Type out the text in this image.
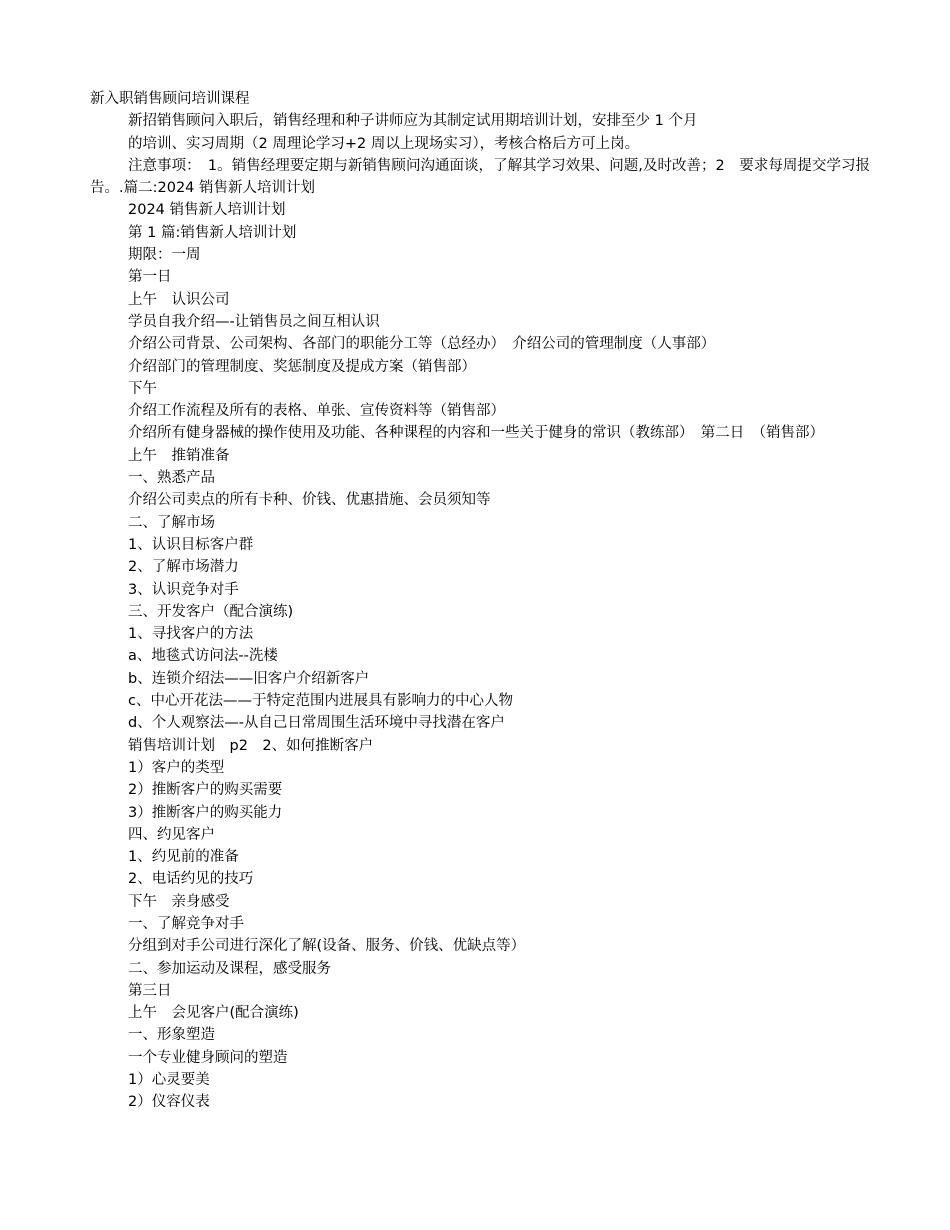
新入职销售顾问培训课程
新招销售顾问入职后，销售经理和种子讲师应为其制定试用期培训计划，安排至少 1 个月
的培训、实习周期（2 周理论学习+2 周以上现场实习），考核合格后方可上岗。
注意事项：　1。销售经理要定期与新销售顾问沟通面谈，了解其学习效果、问题,及时改善；2　要求每周提交学习报告。.篇二:2024 销售新人培训计划
2024 销售新人培训计划
第 1 篇:销售新人培训计划
期限：一周
第一日
上午　认识公司
学员自我介绍—-让销售员之间互相认识
介绍公司背景、公司架构、各部门的职能分工等（总经办）　介绍公司的管理制度（人事部）
介绍部门的管理制度、奖惩制度及提成方案（销售部）
下午
介绍工作流程及所有的表格、单张、宣传资料等（销售部）
介绍所有健身器械的操作使用及功能、各种课程的内容和一些关于健身的常识（教练部）　第二日　（销售部）
上午　推销准备
一、熟悉产品
介绍公司卖点的所有卡种、价钱、优惠措施、会员须知等
二、了解市场
1、认识目标客户群
2、了解市场潜力
3、认识竞争对手
三、开发客户（配合演练)
1、寻找客户的方法
a、地毯式访问法--洗楼
b、连锁介绍法——旧客户介绍新客户
c、中心开花法——于特定范围内进展具有影响力的中心人物
d、个人观察法—-从自己日常周围生活环境中寻找潜在客户
销售培训计划　p2　2、如何推断客户
1）客户的类型
2）推断客户的购买需要
3）推断客户的购买能力
四、约见客户
1、约见前的准备
2、电话约见的技巧
下午　亲身感受
一、了解竞争对手
分组到对手公司进行深化了解(设备、服务、价钱、优缺点等）
二、参加运动及课程，感受服务
第三日
上午　会见客户(配合演练)
一、形象塑造
一个专业健身顾问的塑造
1）心灵要美
2）仪容仪表
